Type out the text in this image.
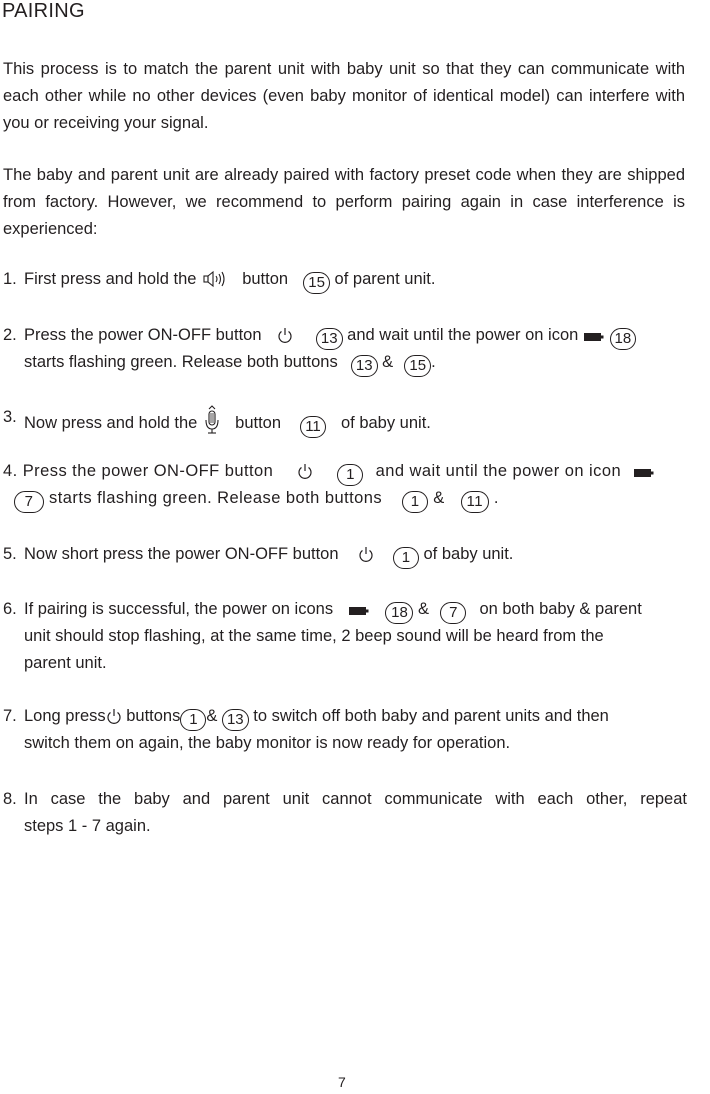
PAIRING

This process is to match the parent unit with baby unit so that they can communicate with each other while no other devices (even baby monitor of identical model) can interfere with you or receiving your signal.

The baby and parent unit are already paired with factory preset code when they are shipped from factory. However, we recommend to perform pairing again in case interference is experienced:

1. First press and hold the	button 15 of parent unit.
2. Press the power ON-OFF button	13 and wait until the power on icon 18
starts flashing green. Release both buttons 13 & 15 .
3. Now press and hold the button 11 of baby unit.
4. Press the power ON-OFF button	1 and wait until the power on icon
7 starts flashing green. Release both buttons 1 & 11 .
5. Now short press the power ON-OFF button	1 of baby unit.
6. If pairing is successful, the power on icons	18 & 7 on both baby & parent
unit should stop flashing, at the same time, 2 beep sound will be heard from the
parent unit.
7. Long press buttons 1 & 13 to switch off both baby and parent units and then
switch them on again, the baby monitor is now ready for operation.
8. In case the baby and parent unit cannot communicate with each other, repeat
steps 1 - 7 again.
7
